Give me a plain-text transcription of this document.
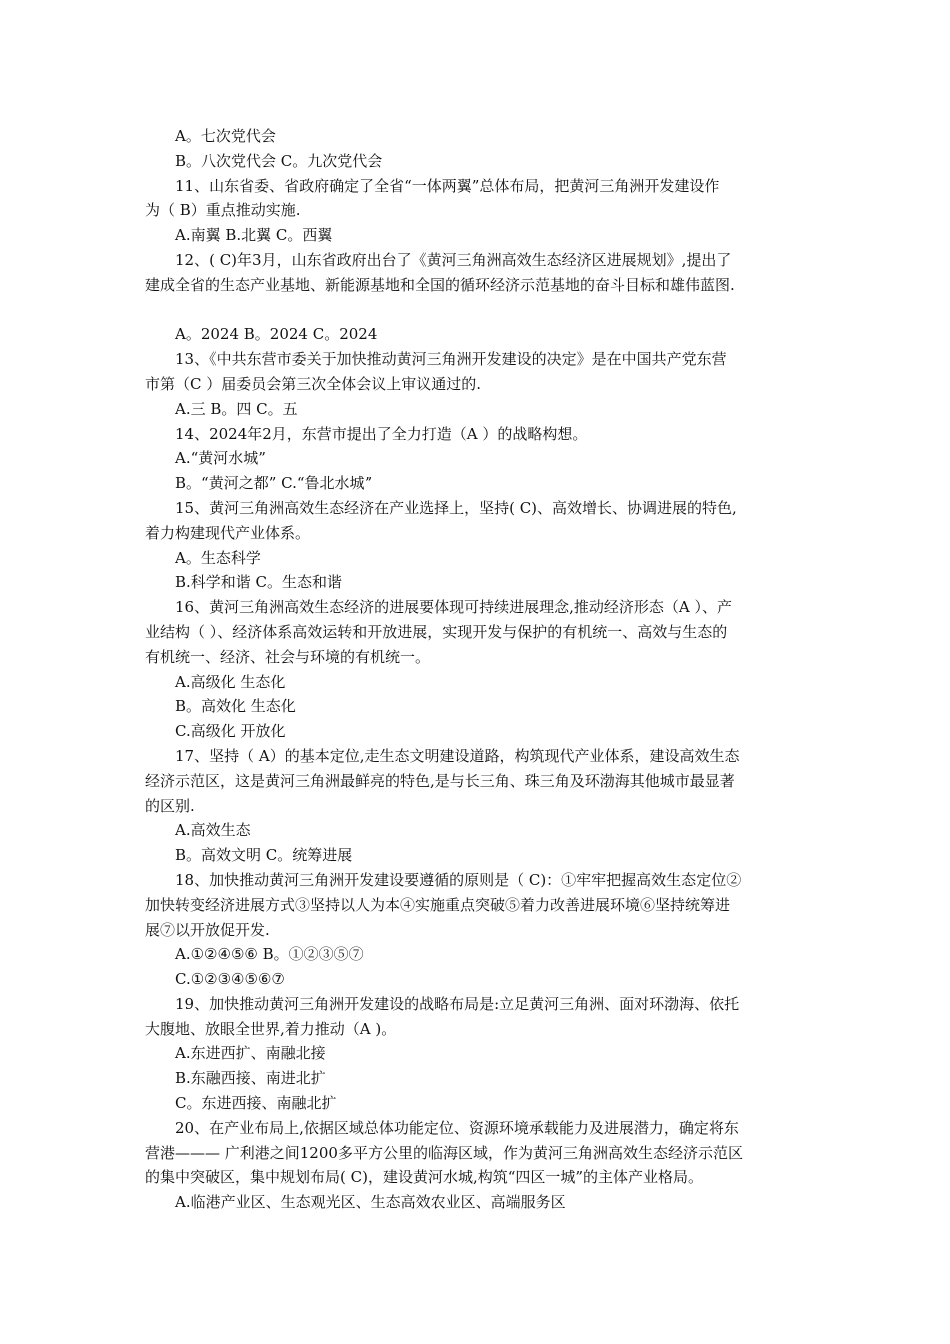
A。七次党代会
B。八次党代会 C。九次党代会
11、山东省委、省政府确定了全省“一体两翼”总体布局，把黄河三角洲开发建设作
为（ B）重点推动实施.
A.南翼 B.北翼 C。西翼
12、( C)年3月，山东省政府出台了《黄河三角洲高效生态经济区进展规划》,提出了
建成全省的生态产业基地、新能源基地和全国的循环经济示范基地的奋斗目标和雄伟蓝图.
A。2024 B。2024 C。2024
13、《中共东营市委关于加快推动黄河三角洲开发建设的决定》是在中国共产党东营
市第（C ）届委员会第三次全体会议上审议通过的.
A.三 B。四 C。五
14、2024年2月，东营市提出了全力打造（A ）的战略构想。
A.“黄河水城”
B。“黄河之都” C.“鲁北水城ˮ
15、黄河三角洲高效生态经济在产业选择上，坚持( C)、高效增长、协调进展的特色,
着力构建现代产业体系。
A。生态科学
B.科学和谐 C。生态和谐
16、黄河三角洲高效生态经济的进展要体现可持续进展理念,推动经济形态（A ）、产
业结构（ ）、经济体系高效运转和开放进展，实现开发与保护的有机统一、高效与生态的
有机统一、经济、社会与环境的有机统一。
A.高级化 生态化
B。高效化 生态化
C.高级化 开放化
17、坚持（ A）的基本定位,走生态文明建设道路，构筑现代产业体系，建设高效生态
经济示范区，这是黄河三角洲最鲜亮的特色,是与长三角、珠三角及环渤海其他城市最显著
的区别.
A.高效生态
B。高效文明 C。统筹进展
18、加快推动黄河三角洲开发建设要遵循的原则是（ C)：①牢牢把握高效生态定位②
加快转变经济进展方式③坚持以人为本④实施重点突破⑤着力改善进展环境⑥坚持统筹进
展⑦以开放促开发.
A.①②④⑤⑥ B。①②③⑤⑦
C.①②③④⑤⑥⑦
19、加快推动黄河三角洲开发建设的战略布局是:立足黄河三角洲、面对环渤海、依托
大腹地、放眼全世界,着力推动（A )。
A.东进西扩、南融北接
B.东融西接、南进北扩
C。东进西接、南融北扩
20、在产业布局上,依据区域总体功能定位、资源环境承载能力及进展潜力，确定将东
营港——— 广利港之间1200多平方公里的临海区域，作为黄河三角洲高效生态经济示范区
的集中突破区，集中规划布局( C)，建设黄河水城,构筑“四区一城”的主体产业格局。
A.临港产业区、生态观光区、生态高效农业区、高端服务区
